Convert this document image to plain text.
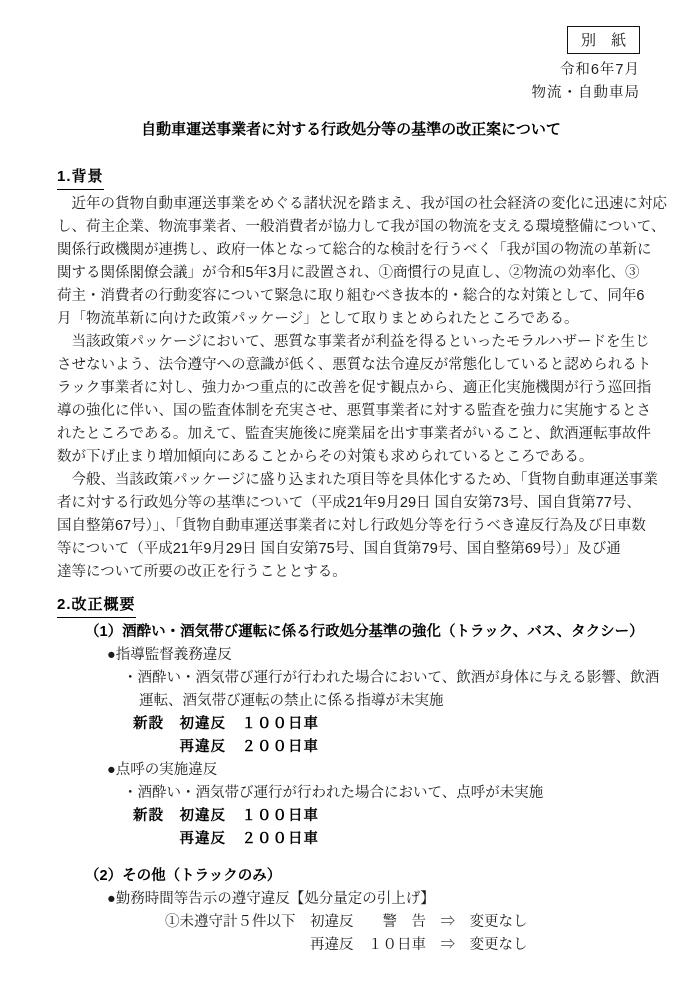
別　紙
令和6年7月
物流・自動車局
自動車運送事業者に対する行政処分等の基準の改正案について
1.背景
　近年の貨物自動車運送事業をめぐる諸状況を踏まえ、我が国の社会経済の変化に迅速に対応
し、荷主企業、物流事業者、一般消費者が協力して我が国の物流を支える環境整備について、
関係行政機関が連携し、政府一体となって総合的な検討を行うべく「我が国の物流の革新に
関する関係閣僚会議」が令和5年3月に設置され、①商慣行の見直し、②物流の効率化、③
荷主・消費者の行動変容について緊急に取り組むべき抜本的・総合的な対策として、同年6
月「物流革新に向けた政策パッケージ」として取りまとめられたところである。
　当該政策パッケージにおいて、悪質な事業者が利益を得るといったモラルハザードを生じ
させないよう、法令遵守への意識が低く、悪質な法令違反が常態化していると認められるト
ラック事業者に対し、強力かつ重点的に改善を促す観点から、適正化実施機関が行う巡回指
導の強化に伴い、国の監査体制を充実させ、悪質事業者に対する監査を強力に実施するとさ
れたところである。加えて、監査実施後に廃業届を出す事業者がいること、飲酒運転事故件
数が下げ止まり増加傾向にあることからその対策も求められているところである。
　今般、当該政策パッケージに盛り込まれた項目等を具体化するため、「貨物自動車運送事業
者に対する行政処分等の基準について（平成21年9月29日 国自安第73号、国自貨第77号、
国自整第67号）」、「貨物自動車運送事業者に対し行政処分等を行うべき違反行為及び日車数
等について（平成21年9月29日 国自安第75号、国自貨第79号、国自整第69号）」及び通
達等について所要の改正を行うこととする。
2.改正概要
（1）酒酔い・酒気帯び運転に係る行政処分基準の強化（トラック、バス、タクシー）
●指導監督義務違反
・酒酔い・酒気帯び運行が行われた場合において、飲酒が身体に与える影響、飲酒
運転、酒気帯び運転の禁止に係る指導が未実施
新設　初違反　１００日車
　　　再違反　２００日車
●点呼の実施違反
・酒酔い・酒気帯び運行が行われた場合において、点呼が未実施
新設　初違反　１００日車
　　　再違反　２００日車
（2）その他（トラックのみ）
●勤務時間等告示の遵守違反【処分量定の引上げ】
①未遵守計５件以下　初違反　　警　告　⇒　変更なし
　　　　　　　　　　再違反　１０日車　⇒　変更なし
